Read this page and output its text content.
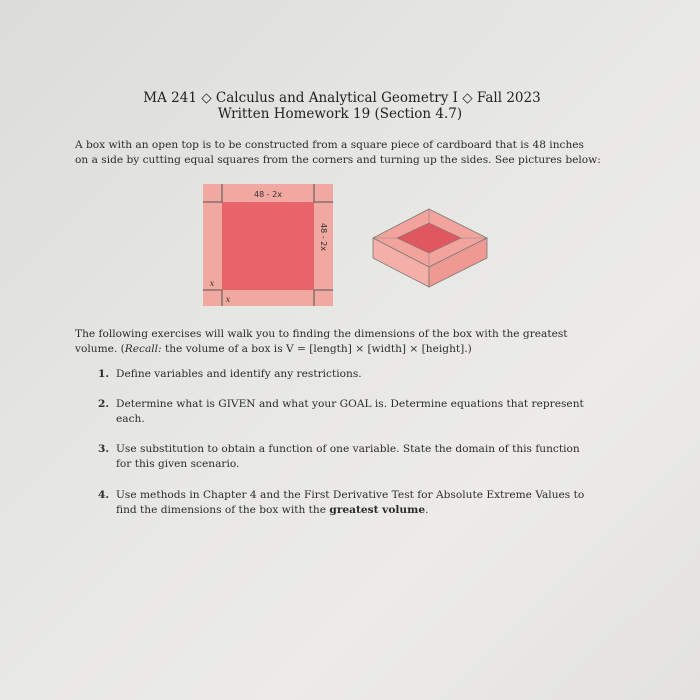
MA 241 ◇ Calculus and Analytical Geometry I ◇ Fall 2023
Written Homework 19 (Section 4.7)
A box with an open top is to be constructed from a square piece of cardboard that is 48 inches
on a side by cutting equal squares from the corners and turning up the sides. See pictures below:
48 - 2x
48 - 2x
x
x
The following exercises will walk you to finding the dimensions of the box with the greatest
volume. (Recall: the volume of a box is V = [length] × [width] × [height].)
1. Define variables and identify any restrictions.
2. Determine what is GIVEN and what your GOAL is. Determine equations that represent
each.
3. Use substitution to obtain a function of one variable. State the domain of this function
for this given scenario.
4. Use methods in Chapter 4 and the First Derivative Test for Absolute Extreme Values to
find the dimensions of the box with the greatest volume.
